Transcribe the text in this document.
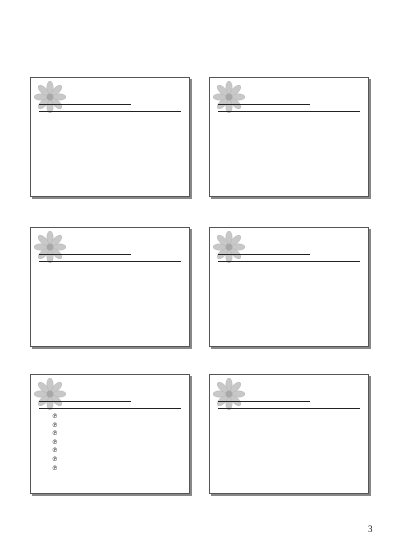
℗
℗
℗
℗
℗
℗
℗
3
